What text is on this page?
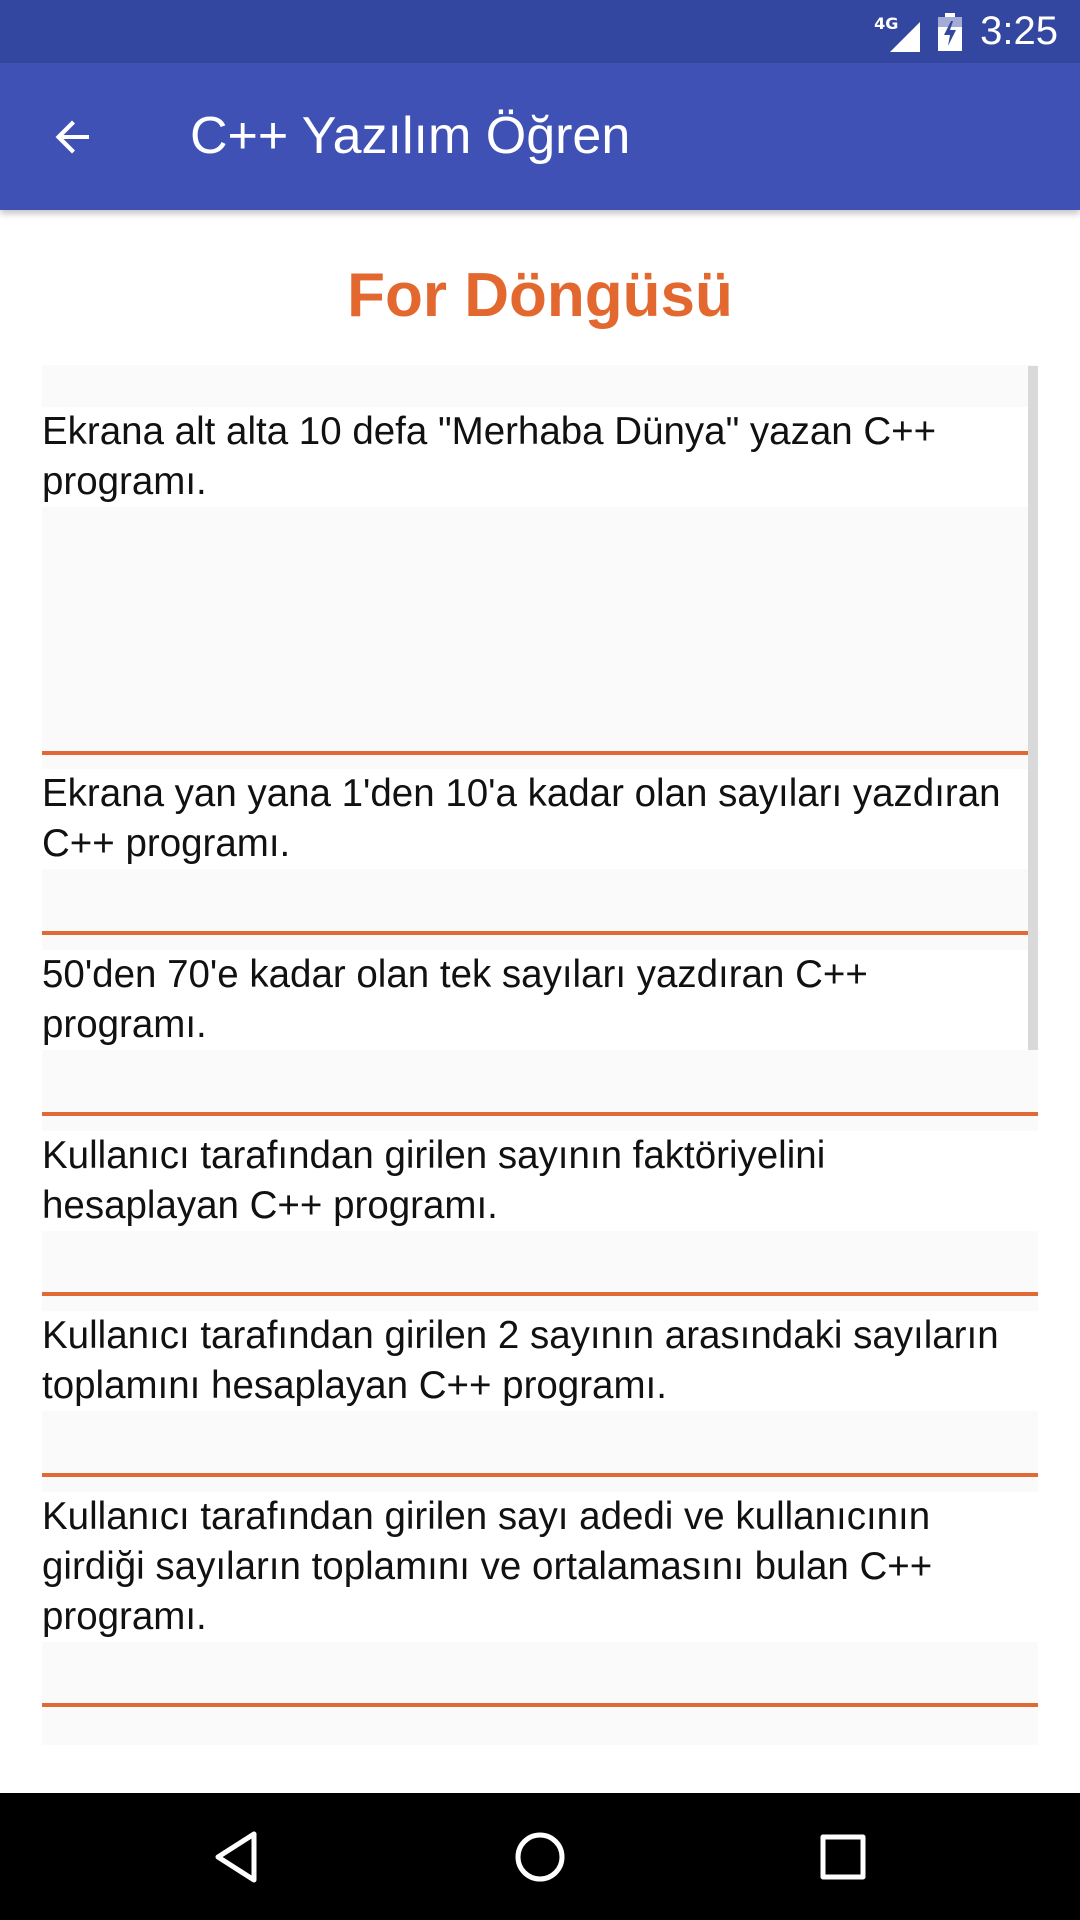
4G 3:25
C++ Yazılım Öğren
For Döngüsü
Ekrana alt alta 10 defa "Merhaba Dünya" yazan C++ programı.
Ekrana yan yana 1'den 10'a kadar olan sayıları yazdıran C++ programı.
50'den 70'e kadar olan tek sayıları yazdıran C++ programı.
Kullanıcı tarafından girilen sayının faktöriyelini hesaplayan C++ programı.
Kullanıcı tarafından girilen 2 sayının arasındaki sayıların toplamını hesaplayan C++ programı.
Kullanıcı tarafından girilen sayı adedi ve kullanıcının girdiği sayıların toplamını ve ortalamasını bulan C++ programı.
